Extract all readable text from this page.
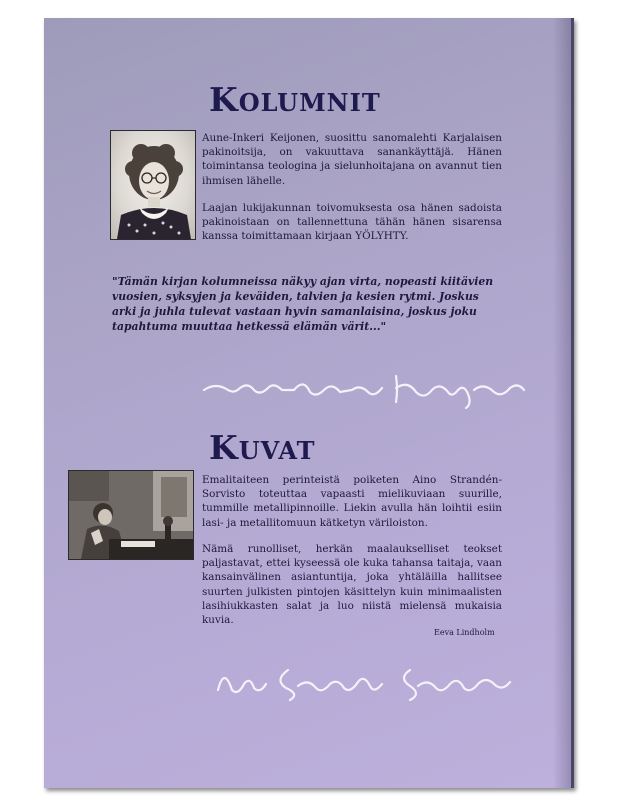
KOLUMNIT

Aune-Inkeri Keijonen, suosittu sanomalehti Karjalaisen pakinoitsija, on vakuuttava sanankäyttäjä. Hänen toimintansa teologina ja sielunhoitajana on avannut tien ihmisen lähelle.

Laajan lukijakunnan toivomuksesta osa hänen sadoista pakinoistaan on tallennettuna tähän hänen sisarensa kanssa toimittamaan kirjaan YÖLYHTY.

"Tämän kirjan kolumneissa näkyy ajan virta, nopeasti kiitävien vuosien, syksyjen ja keväiden, talvien ja kesien rytmi. Joskus arki ja juhla tulevat vastaan hyvin samanlaisina, joskus joku tapahtuma muuttaa hetkessä elämän värit..."

KUVAT

Emalitaiteen perinteistä poiketen Aino Strandén-Sorvisto toteuttaa vapaasti mielikuviaan suurille, tummille metallipinnoille. Liekin avulla hän loihtii esiin lasi- ja metallitomuun kätketyn väriloiston.

Nämä runolliset, herkän maalaukselliset teokset paljastavat, ettei kyseessä ole kuka tahansa taitaja, vaan kansainvälinen asiantuntija, joka yhtäläilla hallitsee suurten julkisten pintojen käsittelyn kuin minimaalisten lasihiukkasten salat ja luo niistä mielensä mukaisia kuvia.

Eeva Lindholm
